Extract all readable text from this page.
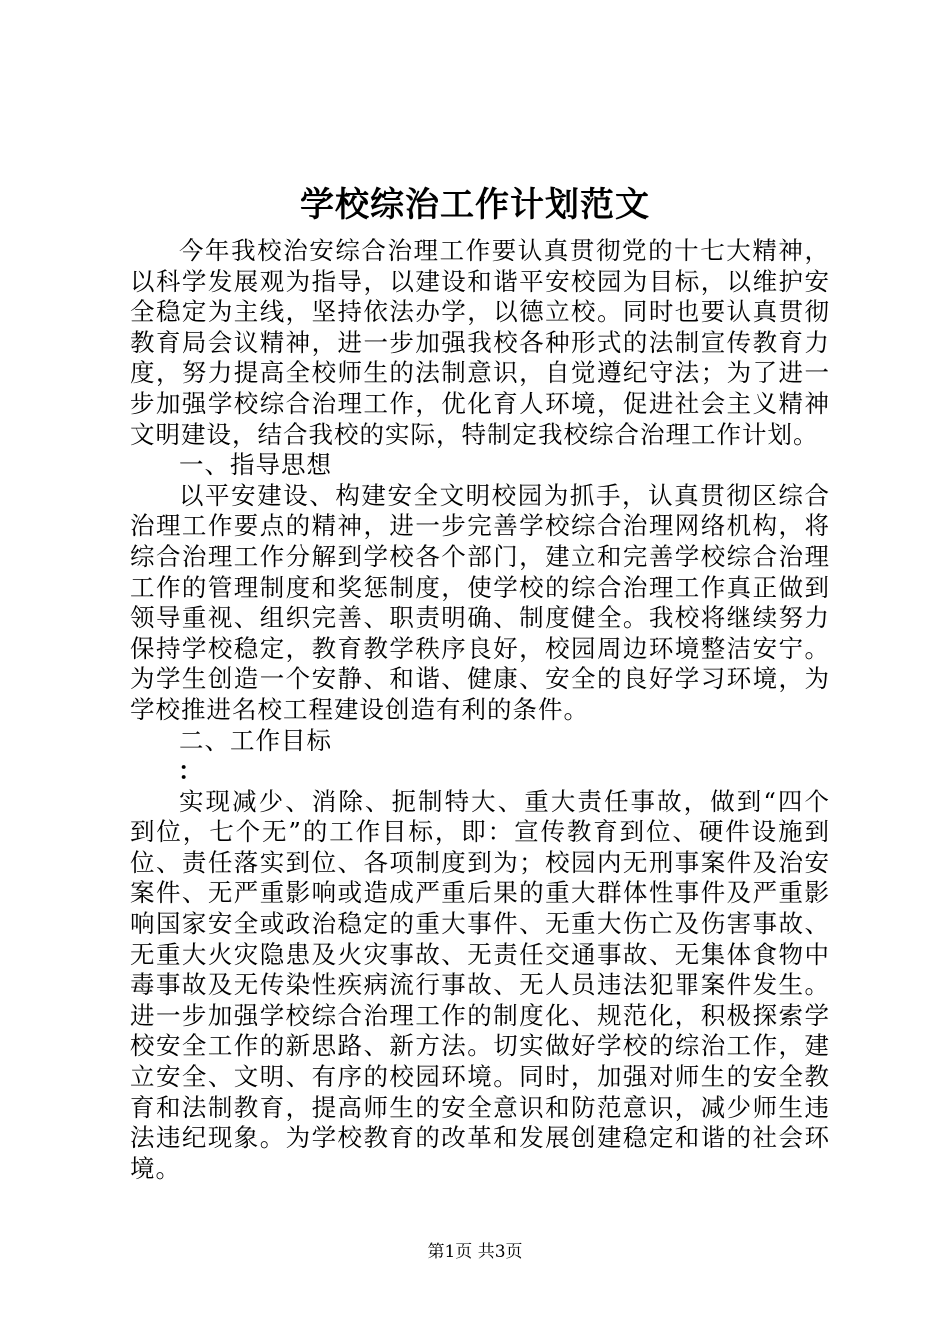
学校综治工作计划范文

今年我校治安综合治理工作要认真贯彻党的十七大精神，以科学发展观为指导，以建设和谐平安校园为目标，以维护安全稳定为主线，坚持依法办学，以德立校。同时也要认真贯彻教育局会议精神，进一步加强我校各种形式的法制宣传教育力度，努力提高全校师生的法制意识，自觉遵纪守法；为了进一步加强学校综合治理工作，优化育人环境，促进社会主义精神文明建设，结合我校的实际，特制定我校综合治理工作计划。

一、指导思想

以平安建设、构建安全文明校园为抓手，认真贯彻区综合治理工作要点的精神，进一步完善学校综合治理网络机构，将综合治理工作分解到学校各个部门，建立和完善学校综合治理工作的管理制度和奖惩制度，使学校的综合治理工作真正做到领导重视、组织完善、职责明确、制度健全。我校将继续努力保持学校稳定，教育教学秩序良好，校园周边环境整洁安宁。为学生创造一个安静、和谐、健康、安全的良好学习环境，为学校推进名校工程建设创造有利的条件。

二、工作目标

：

实现减少、消除、扼制特大、重大责任事故，做到“四个到位，七个无”的工作目标，即：宣传教育到位、硬件设施到位、责任落实到位、各项制度到为；校园内无刑事案件及治安案件、无严重影响或造成严重后果的重大群体性事件及严重影响国家安全或政治稳定的重大事件、无重大伤亡及伤害事故、无重大火灾隐患及火灾事故、无责任交通事故、无集体食物中毒事故及无传染性疾病流行事故、无人员违法犯罪案件发生。进一步加强学校综合治理工作的制度化、规范化，积极探索学校安全工作的新思路、新方法。切实做好学校的综治工作，建立安全、文明、有序的校园环境。同时，加强对师生的安全教育和法制教育，提高师生的安全意识和防范意识，减少师生违法违纪现象。为学校教育的改革和发展创建稳定和谐的社会环境。

第1页 共3页
